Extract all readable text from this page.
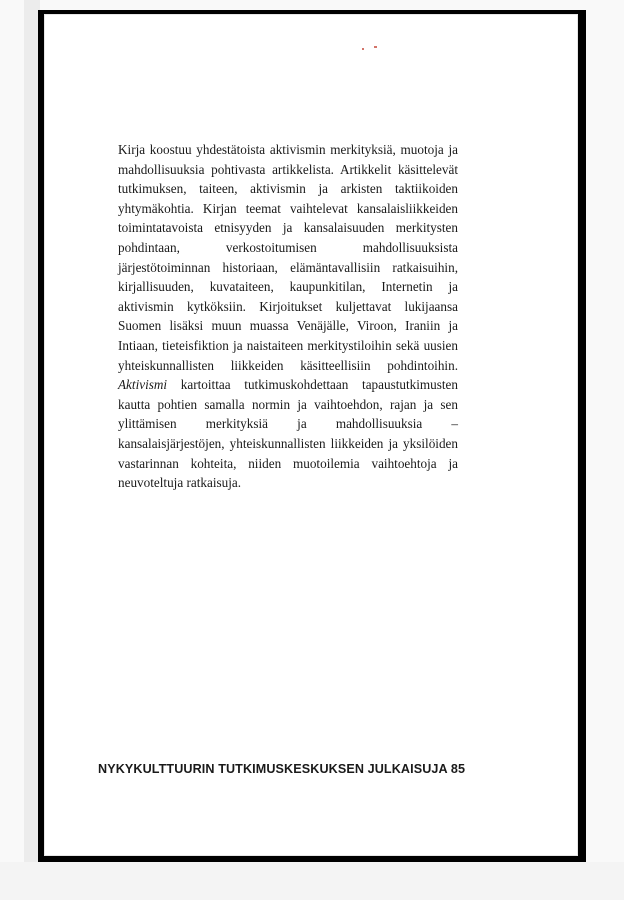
Kirja koostuu yhdestätoista aktivismin merkityksiä, muotoja ja mahdollisuuksia pohtivasta artikkelista. Artikkelit käsittelevät tutkimuksen, taiteen, aktivismin ja arkisten taktiikoiden yhtymäkohtia. Kirjan teemat vaihtelevat kansalaisliikkeiden toimintatavoista etnisyyden ja kansalaisuuden merkitysten pohdintaan, verkostoitumisen mahdollisuuksista järjestötoiminnan historiaan, elämäntavallisiin ratkaisuihin, kirjallisuuden, kuvataiteen, kaupunkitilan, Internetin ja aktivismin kytköksiin. Kirjoitukset kuljettavat lukijaansa Suomen lisäksi muun muassa Venäjälle, Viroon, Iraniin ja Intiaan, tieteisfiktion ja naistaiteen merkitystiloihin sekä uusien yhteiskunnallisten liikkeiden käsitteellisiin pohdintoihin. Aktivismi kartoittaa tutkimuskohdettaan tapaustutkimusten kautta pohtien samalla normin ja vaihtoehdon, rajan ja sen ylittämisen merkityksiä ja mahdollisuuksia – kansalaisjärjestöjen, yhteiskunnallisten liikkeiden ja yksilöiden vastarinnan kohteita, niiden muotoilemia vaihtoehtoja ja neuvoteltuja ratkaisuja.

NYKYKULTTUURIN TUTKIMUSKESKUKSEN JULKAISUJA 85
